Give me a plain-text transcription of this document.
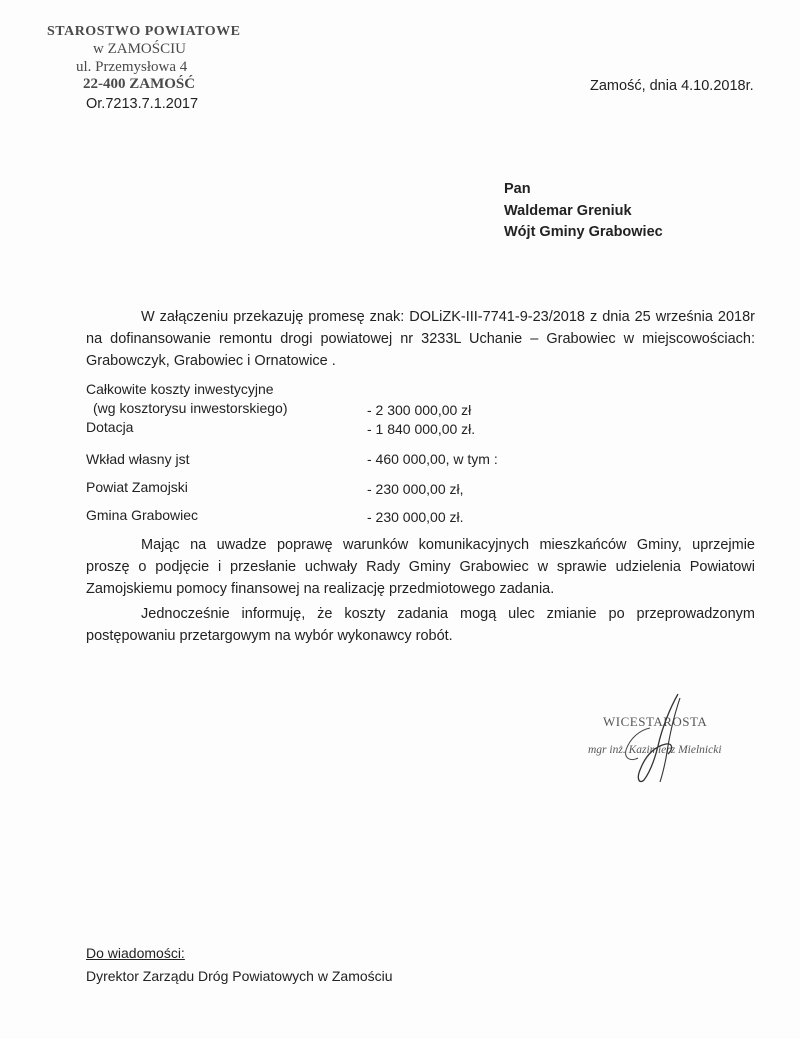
STAROSTWO POWIATOWE
w ZAMOŚCIU
ul. Przemysłowa 4
22-400 ZAMOŚĆ
Or.7213.7.1.2017
Zamość, dnia 4.10.2018r.
Pan
Waldemar Greniuk
Wójt Gminy Grabowiec
W załączeniu przekazuję promesę znak: DOLiZK-III-7741-9-23/2018 z dnia 25 września 2018r
na dofinansowanie remontu drogi powiatowej nr 3233L Uchanie – Grabowiec w miejscowościach:
Grabowczyk, Grabowiec i Ornatowice .
Całkowite koszty inwestycyjne
(wg kosztorysu inwestorskiego)	- 2 300 000,00 zł
Dotacja	- 1 840 000,00 zł.
Wkład własny jst	- 460 000,00, w tym :
Powiat Zamojski	- 230 000,00 zł,
Gmina Grabowiec	- 230 000,00 zł.
Mając na uwadze poprawę warunków komunikacyjnych mieszkańców Gminy, uprzejmie
proszę o podjęcie i przesłanie uchwały Rady Gminy Grabowiec w sprawie udzielenia Powiatowi
Zamojskiemu pomocy finansowej na realizację przedmiotowego zadania.
Jednocześnie informuję, że koszty zadania mogą ulec zmianie po przeprowadzonym
postępowaniu przetargowym na wybór wykonawcy robót.
WICESTAROSTA
mgr inż. Kazimierz Mielnicki
Do wiadomości:
Dyrektor Zarządu Dróg Powiatowych w Zamościu
